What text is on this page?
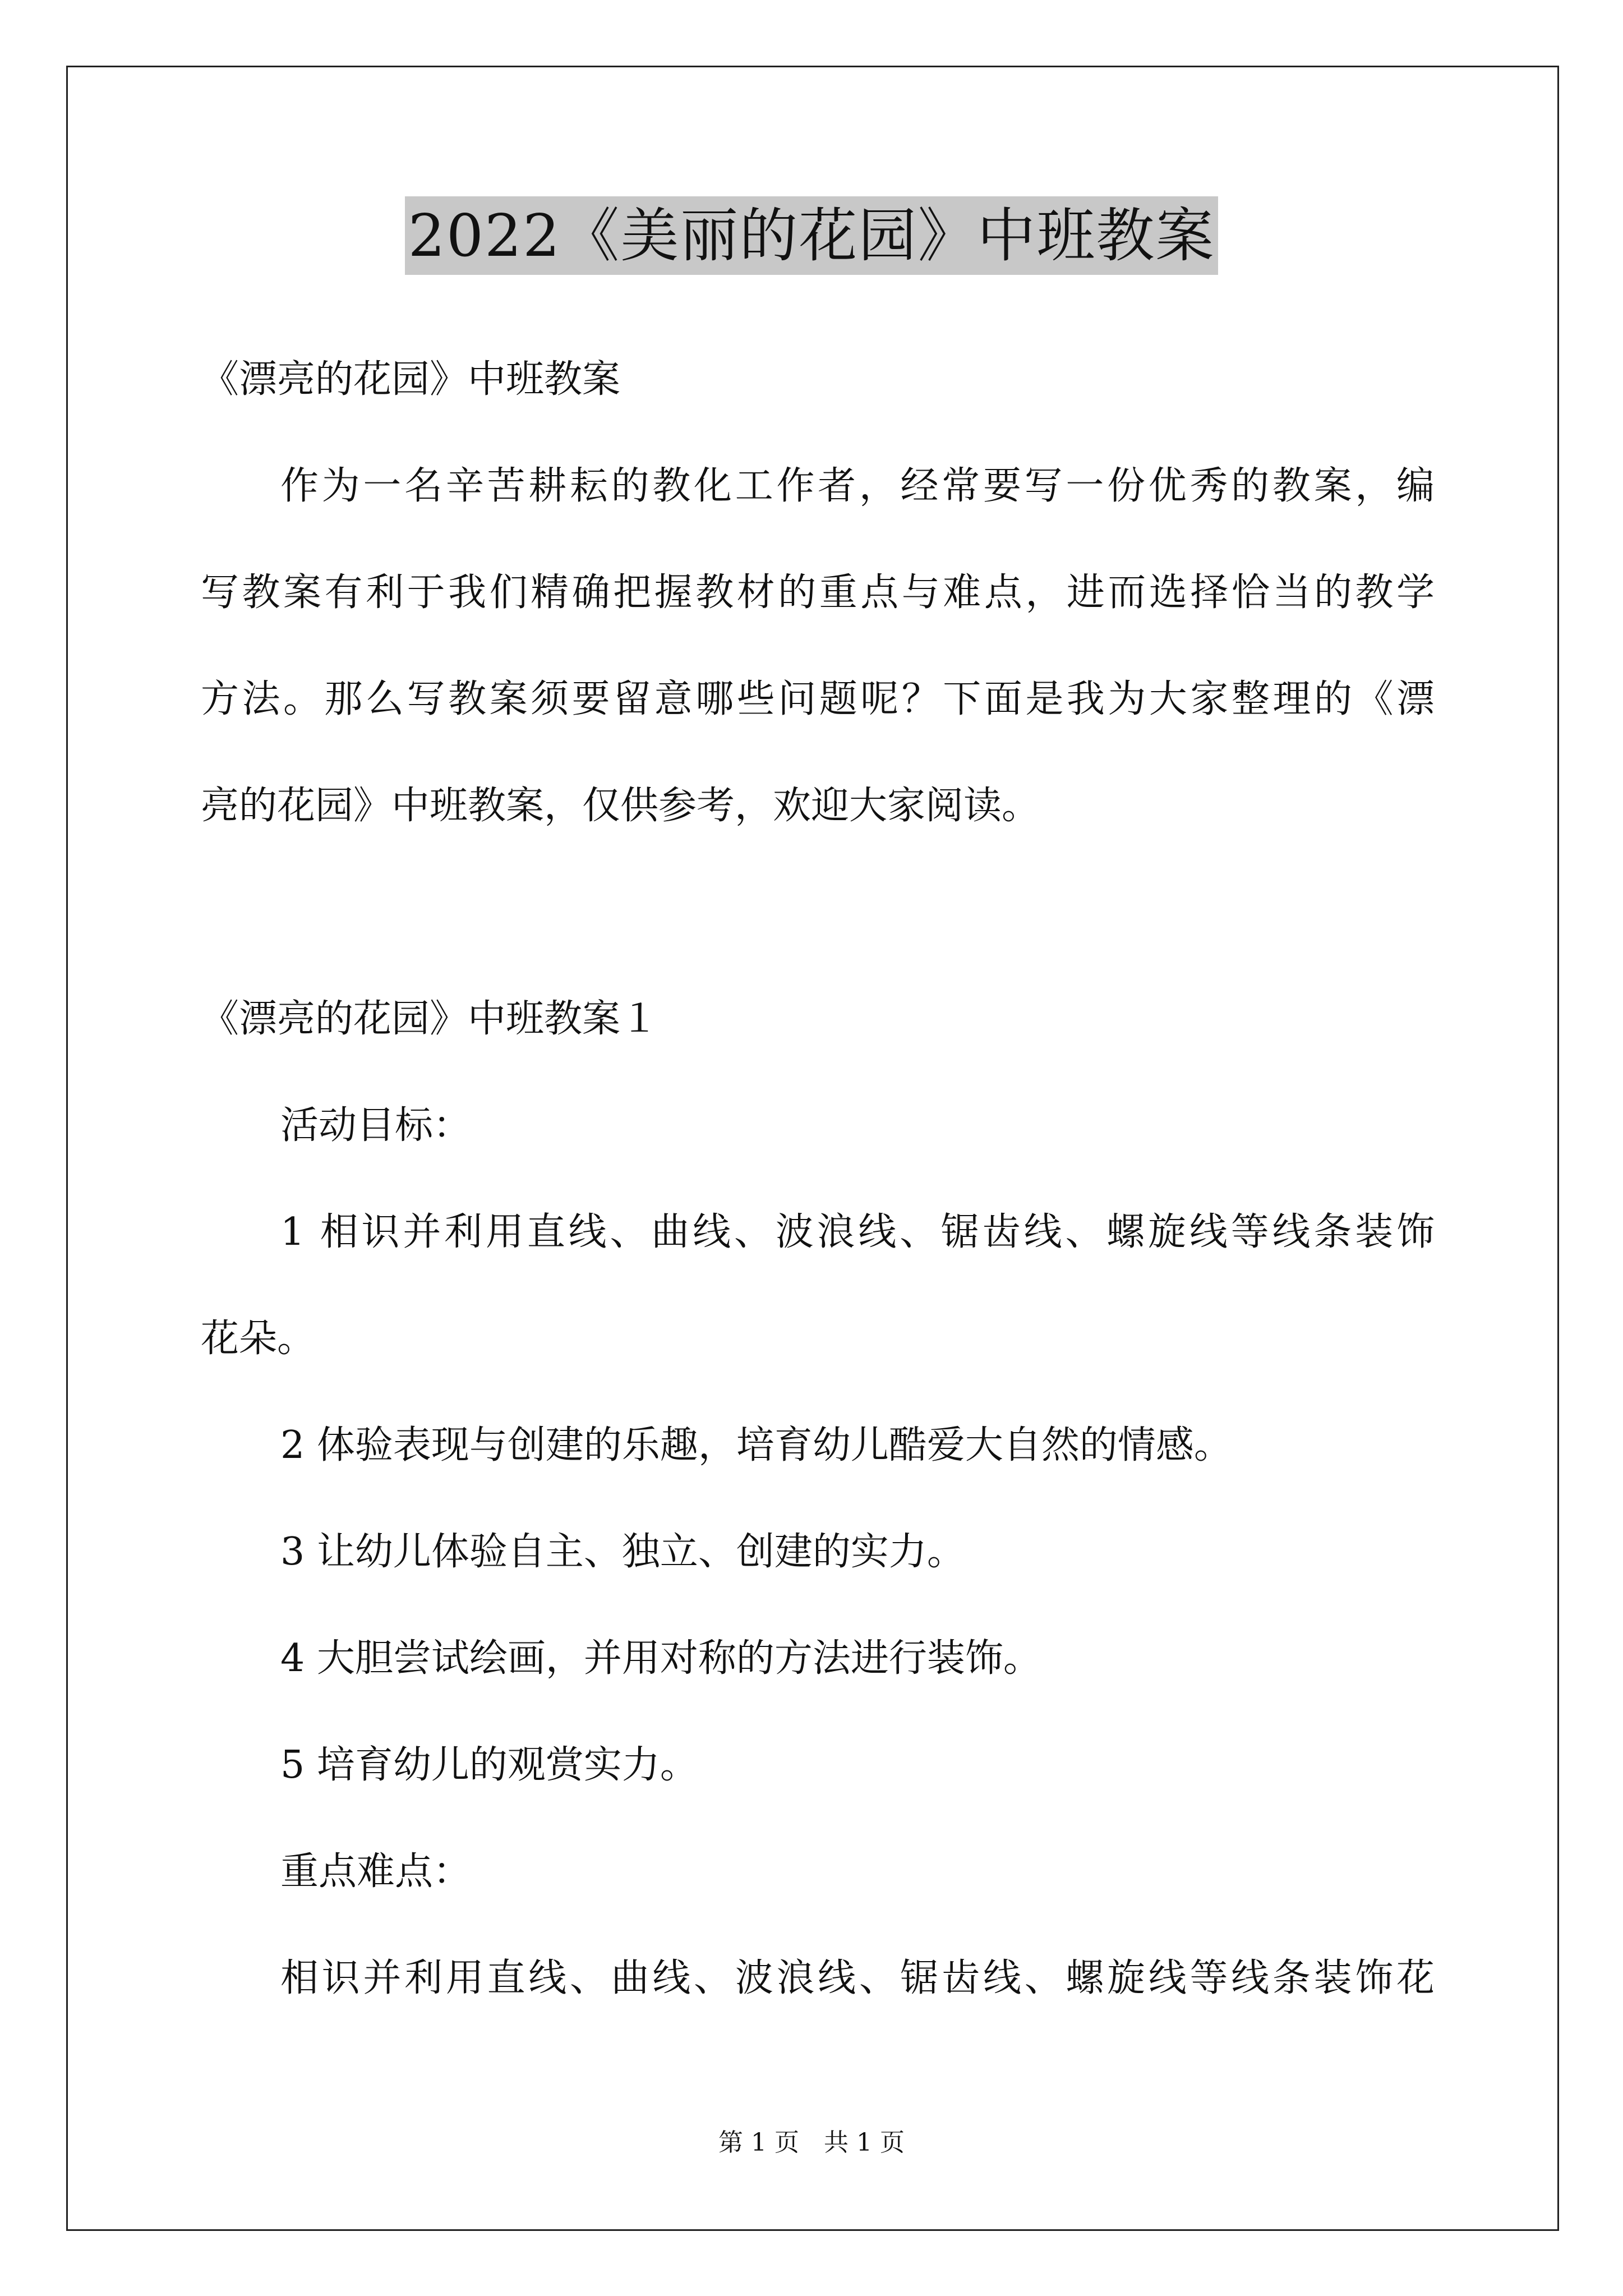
2022《美丽的花园》中班教案
《漂亮的花园》中班教案
作为一名辛苦耕耘的教化工作者，经常要写一份优秀的教案，编
写教案有利于我们精确把握教材的重点与难点，进而选择恰当的教学
方法。那么写教案须要留意哪些问题呢？下面是我为大家整理的《漂
亮的花园》中班教案，仅供参考，欢迎大家阅读。
《漂亮的花园》中班教案１
活动目标：
1 相识并利用直线、曲线、波浪线、锯齿线、螺旋线等线条装饰
花朵。
2 体验表现与创建的乐趣，培育幼儿酷爱大自然的情感。
3 让幼儿体验自主、独立、创建的实力。
4 大胆尝试绘画，并用对称的方法进行装饰。
5 培育幼儿的观赏实力。
重点难点：
相识并利用直线、曲线、波浪线、锯齿线、螺旋线等线条装饰花
第 1 页　共 1 页
